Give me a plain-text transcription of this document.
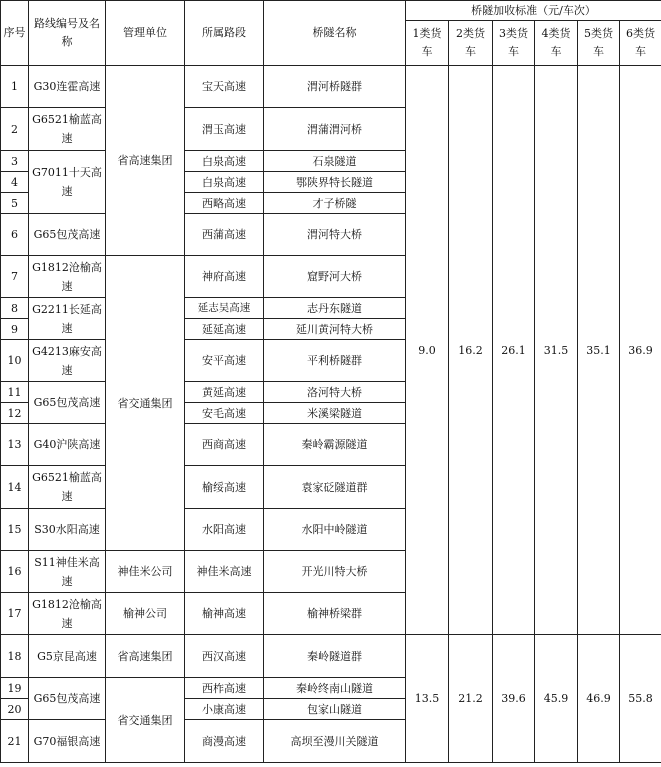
序号	路线编号及名称	管理单位	所属路段	桥隧名称	桥隧加收标准（元/车次）					
					1类货车	2类货车	3类货车	4类货车	5类货车	6类货车
1	G30连霍高速	省高速集团	宝天高速	渭河桥隧群	9.0	16.2	26.1	31.5	35.1	36.9
2	G6521榆蓝高速		渭玉高速	渭蒲渭河桥						
3	G7011十天高速		白泉高速	石泉隧道						
4			白泉高速	鄂陕界特长隧道						
5			西略高速	才子桥隧						
6	G65包茂高速		西蒲高速	渭河特大桥						
7	G1812沧榆高速	省交通集团	神府高速	窟野河大桥						
8	G2211长延高速		延志吴高速	志丹东隧道						
9			延延高速	延川黄河特大桥						
10	G4213麻安高速		安平高速	平利桥隧群						
11	G65包茂高速		黄延高速	洛河特大桥						
12			安毛高速	米溪梁隧道						
13	G40沪陕高速		西商高速	秦岭霸源隧道						
14	G6521榆蓝高速		榆绥高速	袁家砭隧道群						
15	S30水阳高速		水阳高速	水阳中岭隧道						
16	S11神佳米高速	神佳米公司	神佳米高速	开光川特大桥						
17	G1812沧榆高速	榆神公司	榆神高速	榆神桥梁群						
18	G5京昆高速	省高速集团	西汉高速	秦岭隧道群	13.5	21.2	39.6	45.9	46.9	55.8
19	G65包茂高速	省交通集团	西柞高速	秦岭终南山隧道						
20			小康高速	包家山隧道						
21	G70福银高速		商漫高速	高坝至漫川关隧道						
